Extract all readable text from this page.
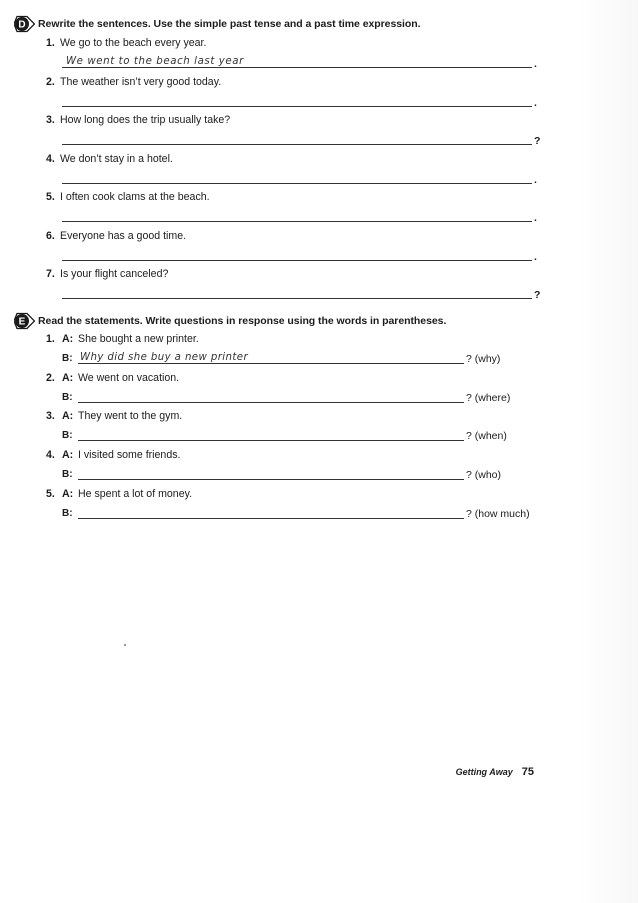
D Rewrite the sentences. Use the simple past tense and a past time expression.
1. We go to the beach every year.
We went to the beach last year	.
2. The weather isn’t very good today.
.
3. How long does the trip usually take?
?
4. We don’t stay in a hotel.
.
5. I often cook clams at the beach.
.
6. Everyone has a good time.
.
7. Is your flight canceled?
?
E Read the statements. Write questions in response using the words in parentheses.
1. A: She bought a new printer.
B: Why did she buy a new printer	? (why)
2. A: We went on vacation.
B:	? (where)
3. A: They went to the gym.
B:	? (when)
4. A: I visited some friends.
B:	? (who)
5. A: He spent a lot of money.
B:	? (how much)
Getting Away 75
